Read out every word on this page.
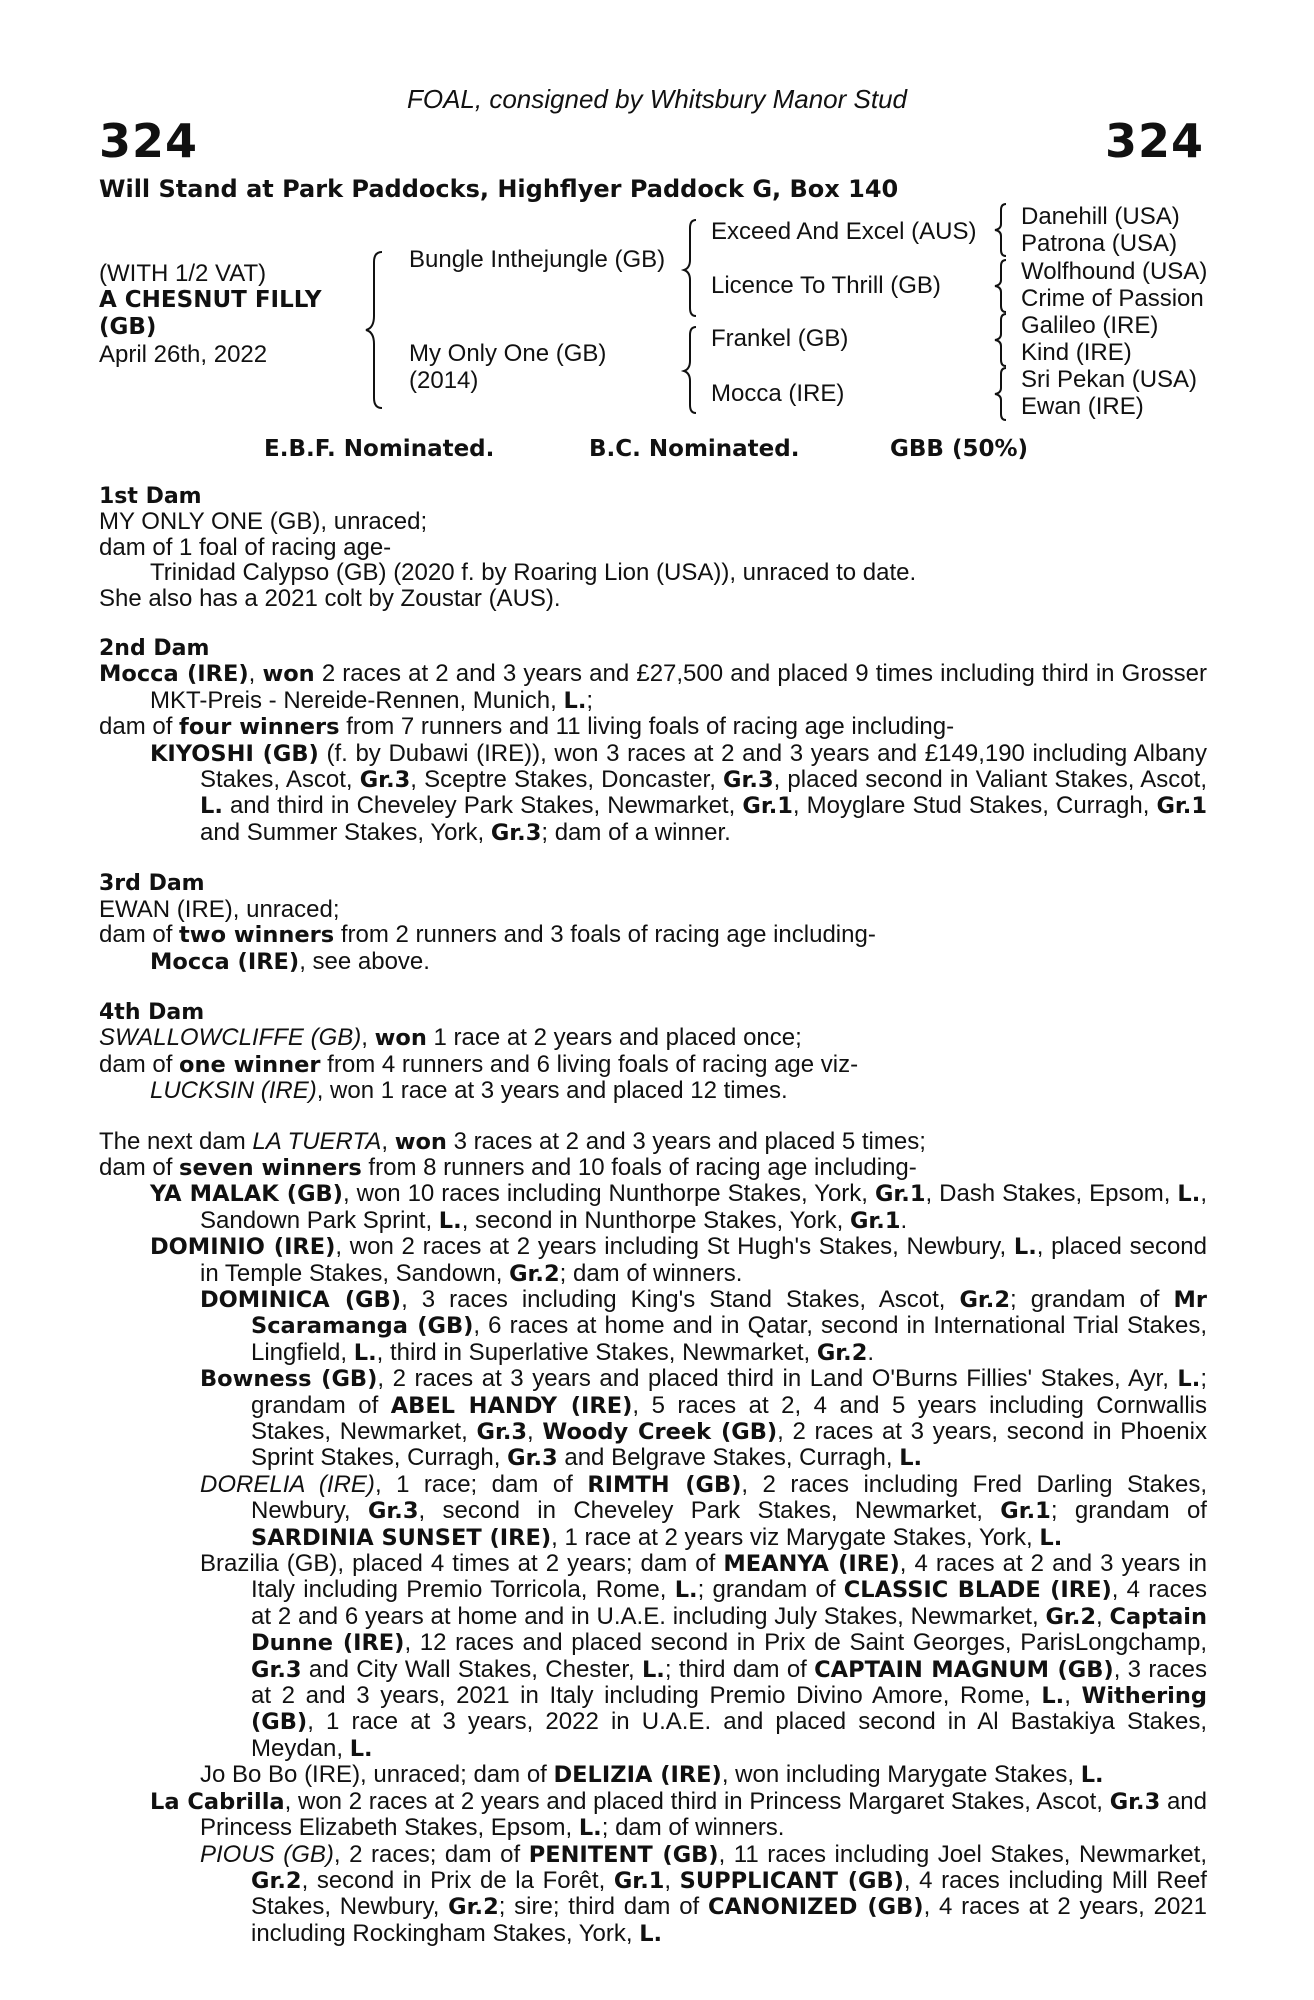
FOAL, consigned by Whitsbury Manor Stud
324	324
Will Stand at Park Paddocks, Highflyer Paddock G, Box 140
(WITH 1/2 VAT)
A CHESNUT FILLY
(GB)
April 26th, 2022
Bungle Inthejungle (GB)
My Only One (GB)
(2014)
Exceed And Excel (AUS)
Licence To Thrill (GB)
Frankel (GB)
Mocca (IRE)
Danehill (USA)
Patrona (USA)
Wolfhound (USA)
Crime of Passion
Galileo (IRE)
Kind (IRE)
Sri Pekan (USA)
Ewan (IRE)
E.B.F. Nominated.	B.C. Nominated.	GBB (50%)

1st Dam

MY ONLY ONE (GB), unraced;

dam of 1 foal of racing age-

Trinidad Calypso (GB) (2020 f. by Roaring Lion (USA)), unraced to date.

She also has a 2021 colt by Zoustar (AUS).

2nd Dam

Mocca (IRE), won 2 races at 2 and 3 years and £27,500 and placed 9 times including third in Grosser MKT-Preis - Nereide-Rennen, Munich, L.;

dam of four winners from 7 runners and 11 living foals of racing age including-

KIYOSHI (GB) (f. by Dubawi (IRE)), won 3 races at 2 and 3 years and £149,190 including Albany Stakes, Ascot, Gr.3, Sceptre Stakes, Doncaster, Gr.3, placed second in Valiant Stakes, Ascot, L. and third in Cheveley Park Stakes, Newmarket, Gr.1, Moyglare Stud Stakes, Curragh, Gr.1 and Summer Stakes, York, Gr.3; dam of a winner.

3rd Dam

EWAN (IRE), unraced;

dam of two winners from 2 runners and 3 foals of racing age including-

Mocca (IRE), see above.

4th Dam

SWALLOWCLIFFE (GB), won 1 race at 2 years and placed once;

dam of one winner from 4 runners and 6 living foals of racing age viz-

LUCKSIN (IRE), won 1 race at 3 years and placed 12 times.

The next dam LA TUERTA, won 3 races at 2 and 3 years and placed 5 times;

dam of seven winners from 8 runners and 10 foals of racing age including-

YA MALAK (GB), won 10 races including Nunthorpe Stakes, York, Gr.1, Dash Stakes, Epsom, L., Sandown Park Sprint, L., second in Nunthorpe Stakes, York, Gr.1.

DOMINIO (IRE), won 2 races at 2 years including St Hugh's Stakes, Newbury, L., placed second in Temple Stakes, Sandown, Gr.2; dam of winners.

DOMINICA (GB), 3 races including King's Stand Stakes, Ascot, Gr.2; grandam of Mr Scaramanga (GB), 6 races at home and in Qatar, second in International Trial Stakes, Lingfield, L., third in Superlative Stakes, Newmarket, Gr.2.

Bowness (GB), 2 races at 3 years and placed third in Land O'Burns Fillies' Stakes, Ayr, L.; grandam of ABEL HANDY (IRE), 5 races at 2, 4 and 5 years including Cornwallis Stakes, Newmarket, Gr.3, Woody Creek (GB), 2 races at 3 years, second in Phoenix Sprint Stakes, Curragh, Gr.3 and Belgrave Stakes, Curragh, L.

DORELIA (IRE), 1 race; dam of RIMTH (GB), 2 races including Fred Darling Stakes, Newbury, Gr.3, second in Cheveley Park Stakes, Newmarket, Gr.1; grandam of SARDINIA SUNSET (IRE), 1 race at 2 years viz Marygate Stakes, York, L.

Brazilia (GB), placed 4 times at 2 years; dam of MEANYA (IRE), 4 races at 2 and 3 years in Italy including Premio Torricola, Rome, L.; grandam of CLASSIC BLADE (IRE), 4 races at 2 and 6 years at home and in U.A.E. including July Stakes, Newmarket, Gr.2, Captain Dunne (IRE), 12 races and placed second in Prix de Saint Georges, ParisLongchamp, Gr.3 and City Wall Stakes, Chester, L.; third dam of CAPTAIN MAGNUM (GB), 3 races at 2 and 3 years, 2021 in Italy including Premio Divino Amore, Rome, L., Withering (GB), 1 race at 3 years, 2022 in U.A.E. and placed second in Al Bastakiya Stakes, Meydan, L.

Jo Bo Bo (IRE), unraced; dam of DELIZIA (IRE), won including Marygate Stakes, L.

La Cabrilla, won 2 races at 2 years and placed third in Princess Margaret Stakes, Ascot, Gr.3 and Princess Elizabeth Stakes, Epsom, L.; dam of winners.

PIOUS (GB), 2 races; dam of PENITENT (GB), 11 races including Joel Stakes, Newmarket, Gr.2, second in Prix de la Forêt, Gr.1, SUPPLICANT (GB), 4 races including Mill Reef Stakes, Newbury, Gr.2; sire; third dam of CANONIZED (GB), 4 races at 2 years, 2021 including Rockingham Stakes, York, L.
